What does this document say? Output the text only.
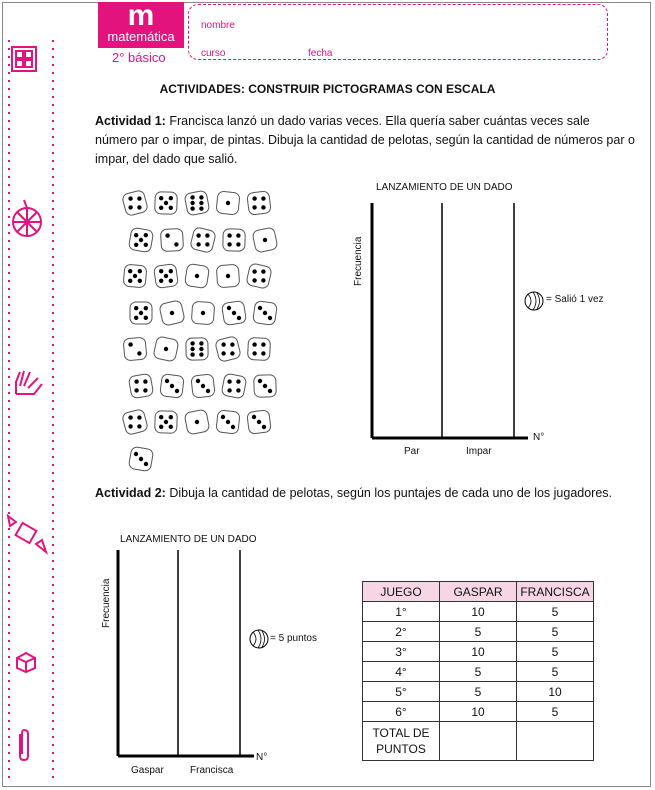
m
matemática
2° básico
nombre
curso	fecha
ACTIVIDADES: CONSTRUIR PICTOGRAMAS CON ESCALA
Actividad 1: Francisca lanzó un dado varias veces. Ella quería saber cuántas veces sale número par o impar, de pintas. Dibuja la cantidad de pelotas, según la cantidad de números par o impar, del dado que salió.
LANZAMIENTO DE UN DADO
Frecuencia
N°
Par	Impar
= Salió 1 vez
Actividad 2: Dibuja la cantidad de pelotas, según los puntajes de cada uno de los jugadores.
LANZAMIENTO DE UN DADO
Frecuencia
N°
Gaspar	Francisca
= 5 puntos
JUEGO	GASPAR	FRANCISCA
1°	10	5
2°	5	5
3°	10	5
4°	5	5
5°	5	10
6°	10	5
TOTAL DE
PUNTOS		
